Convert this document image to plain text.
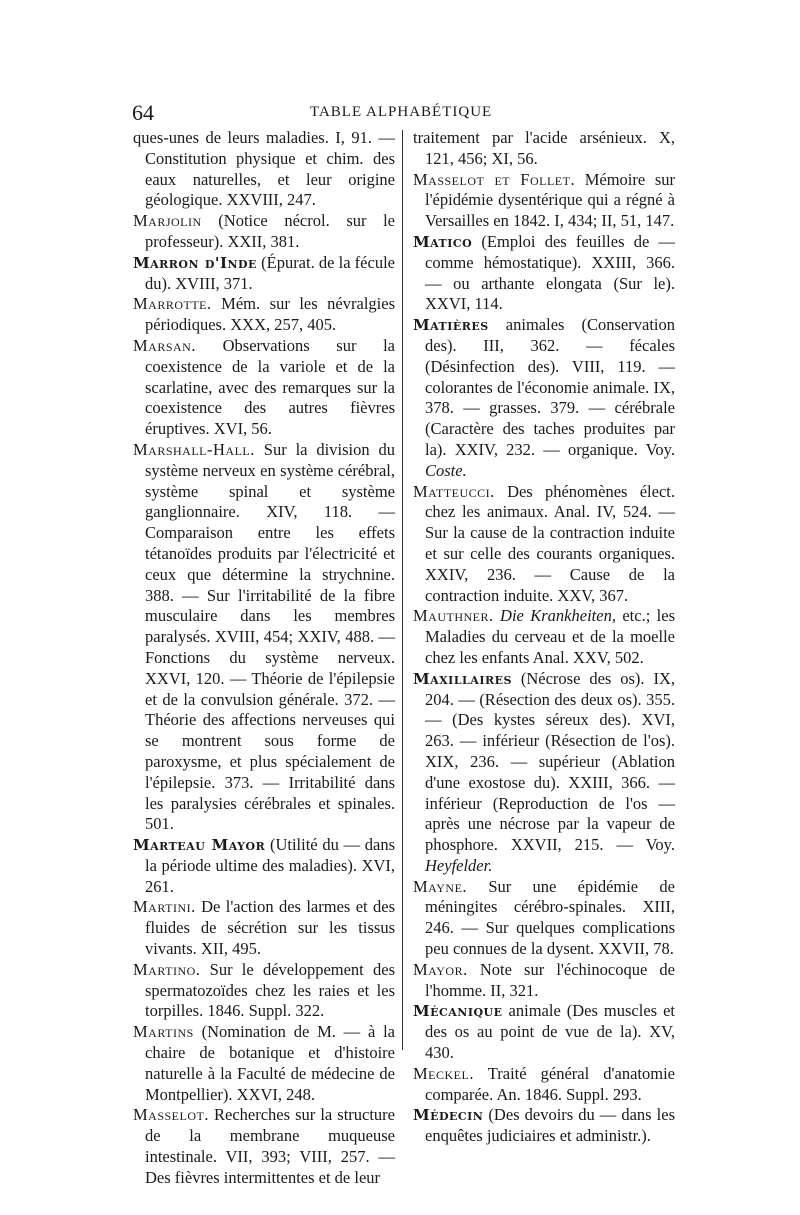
64	TABLE ALPHABÉTIQUE

ques-unes de leurs maladies. I, 91. — Constitution physique et chim. des eaux naturelles, et leur origine géologique. XXVIII, 247.

Marjolin (Notice nécrol. sur le professeur). XXII, 381.

Marron d'Inde (Épurat. de la fécule du). XVIII, 371.

Marrotte. Mém. sur les névralgies périodiques. XXX, 257, 405.

Marsan. Observations sur la coexistence de la variole et de la scarlatine, avec des remarques sur la coexistence des autres fièvres éruptives. XVI, 56.

Marshall-Hall. Sur la division du système nerveux en système cérébral, système spinal et système ganglionnaire. XIV, 118. — Comparaison entre les effets tétanoïdes produits par l'électricité et ceux que détermine la strychnine. 388. — Sur l'irritabilité de la fibre musculaire dans les membres paralysés. XVIII, 454; XXIV, 488. — Fonctions du système nerveux. XXVI, 120. — Théorie de l'épilepsie et de la convulsion générale. 372. — Théorie des affections nerveuses qui se montrent sous forme de paroxysme, et plus spécialement de l'épilepsie. 373. — Irritabilité dans les paralysies cérébrales et spinales. 501.

Marteau Mayor (Utilité du — dans la période ultime des maladies). XVI, 261.

Martini. De l'action des larmes et des fluides de sécrétion sur les tissus vivants. XII, 495.

Martino. Sur le développement des spermatozoïdes chez les raies et les torpilles. 1846. Suppl. 322.

Martins (Nomination de M. — à la chaire de botanique et d'histoire naturelle à la Faculté de médecine de Montpellier). XXVI, 248.

Masselot. Recherches sur la structure de la membrane muqueuse intestinale. VII, 393; VIII, 257. — Des fièvres intermittentes et de leur

traitement par l'acide arsénieux. X, 121, 456; XI, 56.

Masselot et Follet. Mémoire sur l'épidémie dysentérique qui a régné à Versailles en 1842. I, 434; II, 51, 147.

Matico (Emploi des feuilles de — comme hémostatique). XXIII, 366. — ou arthante elongata (Sur le). XXVI, 114.

Matières animales (Conservation des). III, 362. — fécales (Désinfection des). VIII, 119. — colorantes de l'économie animale. IX, 378. — grasses. 379. — cérébrale (Caractère des taches produites par la). XXIV, 232. — organique. Voy. Coste.

Matteucci. Des phénomènes élect. chez les animaux. Anal. IV, 524. — Sur la cause de la contraction induite et sur celle des courants organiques. XXIV, 236. — Cause de la contraction induite. XXV, 367.

Mauthner. Die Krankheiten, etc.; les Maladies du cerveau et de la moelle chez les enfants Anal. XXV, 502.

Maxillaires (Nécrose des os). IX, 204. — (Résection des deux os). 355. — (Des kystes séreux des). XVI, 263. — inférieur (Résection de l'os). XIX, 236. — supérieur (Ablation d'une exostose du). XXIII, 366. — inférieur (Reproduction de l'os — après une nécrose par la vapeur de phosphore. XXVII, 215. — Voy. Heyfelder.

Mayne. Sur une épidémie de méningites cérébro-spinales. XIII, 246. — Sur quelques complications peu connues de la dysent. XXVII, 78.

Mayor. Note sur l'échinocoque de l'homme. II, 321.

Mécanique animale (Des muscles et des os au point de vue de la). XV, 430.

Meckel. Traité général d'anatomie comparée. An. 1846. Suppl. 293.

Médecin (Des devoirs du — dans les enquêtes judiciaires et administr.).
